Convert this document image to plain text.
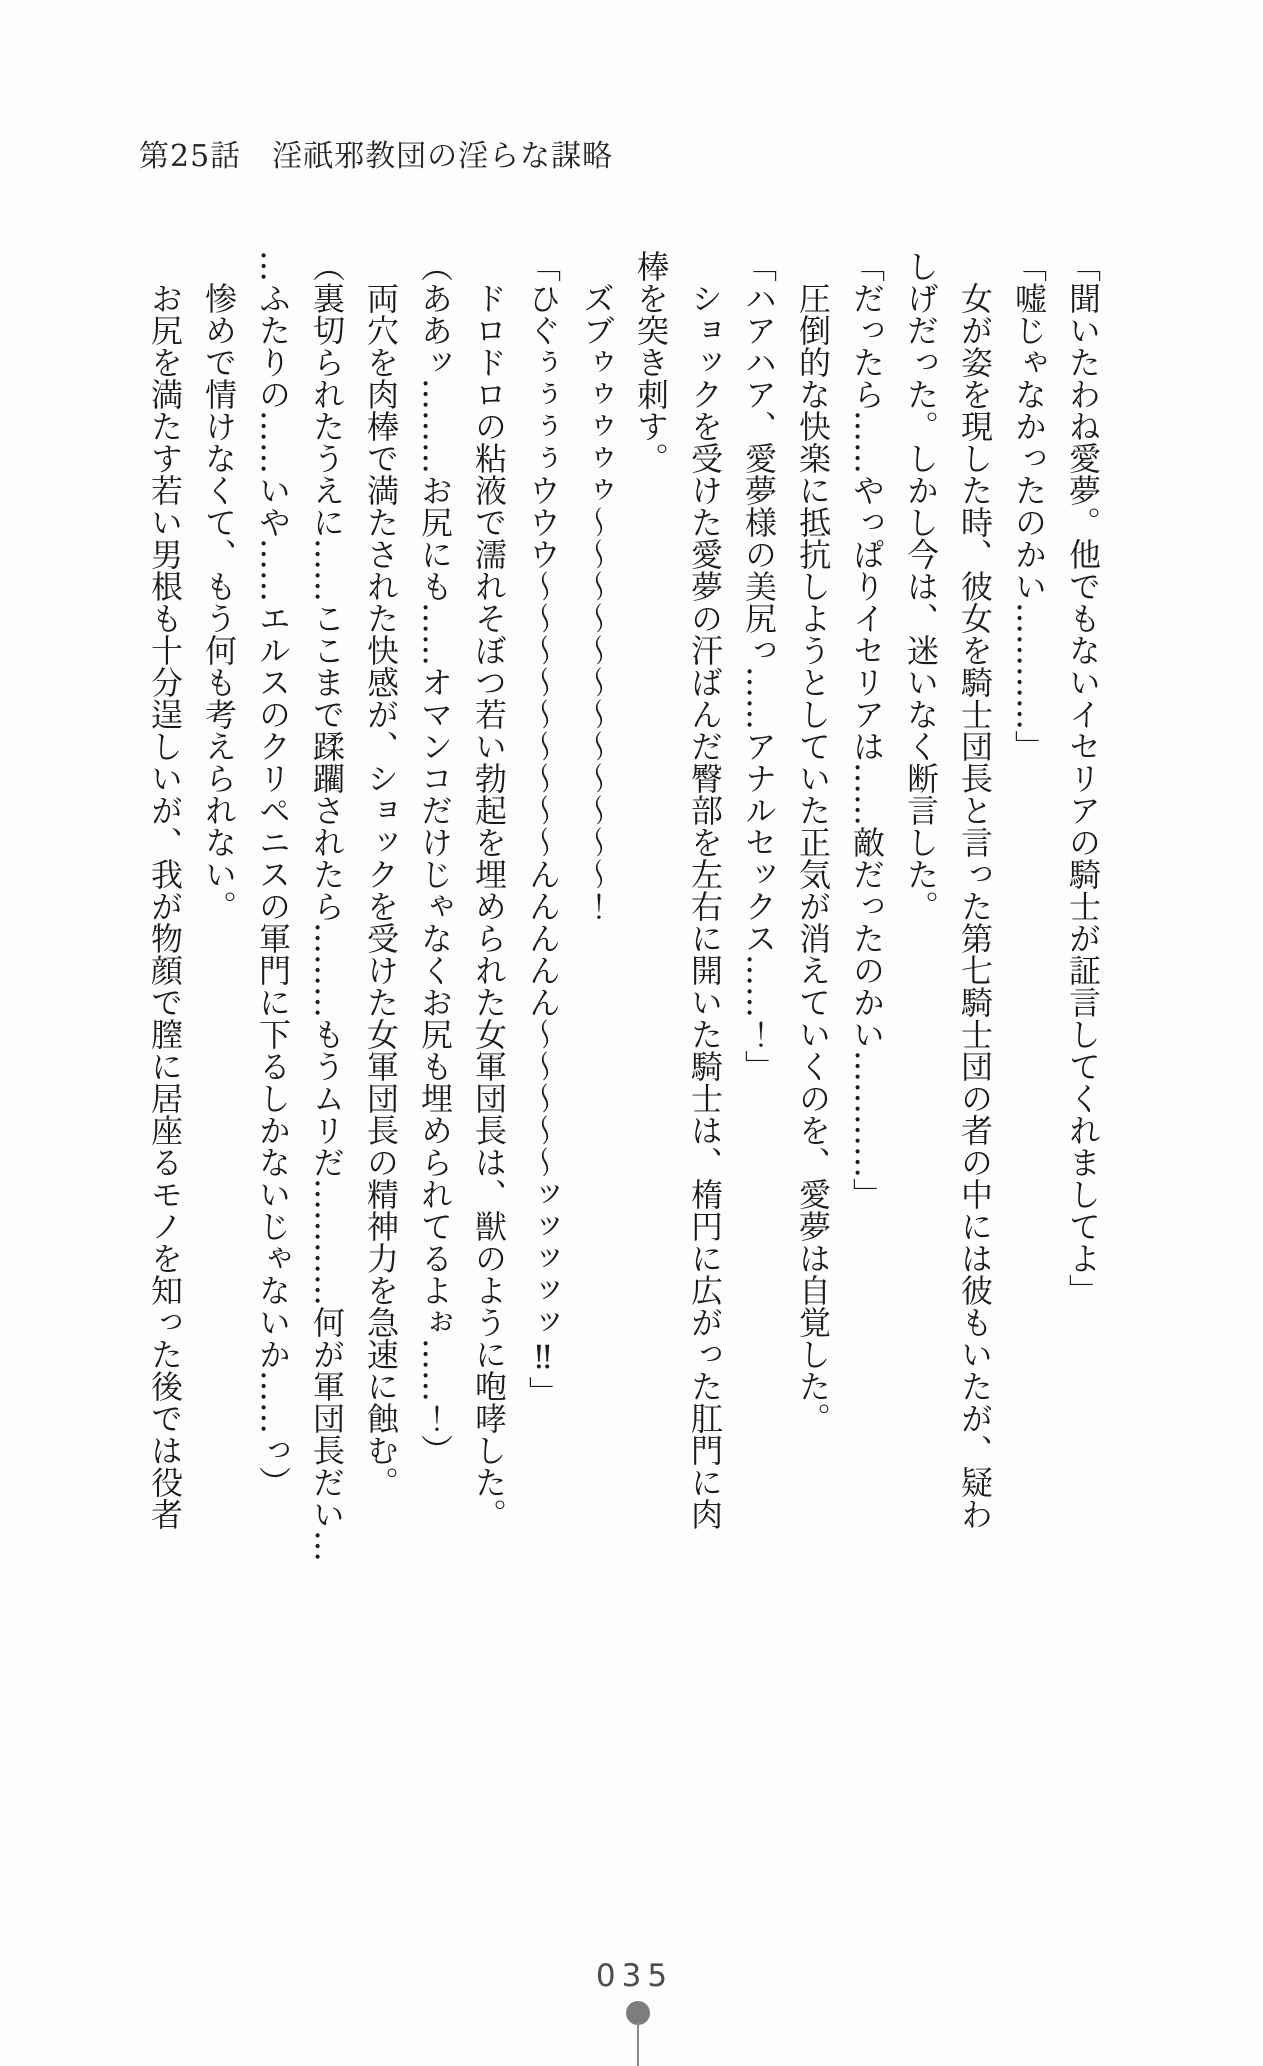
第25話　淫祇邪教団の淫らな謀略

「聞いたわね愛夢。他でもないイセリアの騎士が証言してくれましてよ」

「嘘じゃなかったのかい…………」

　女が姿を現した時、彼女を騎士団長と言った第七騎士団の者の中には彼もいたが、疑わ

しげだった。しかし今は、迷いなく断言した。

「だったら……やっぱりイセリアは……敵だったのかい…………」

　圧倒的な快楽に抵抗しようとしていた正気が消えていくのを、愛夢は自覚した。

「ハアハア、愛夢様の美尻っ……アナルセックス……！」

　ショックを受けた愛夢の汗ばんだ臀部を左右に開いた騎士は、楕円に広がった肛門に肉

棒を突き刺す。

　ズブゥゥゥゥゥ〜〜〜〜〜〜〜〜〜〜〜〜！

「ひぐぅぅぅぅウウウ〜〜〜〜〜〜〜〜〜んんんんん〜〜〜〜〜ッッッッッ‼」

　ドロドロの粘液で濡れそぼつ若い勃起を埋められた女軍団長は、獣のように咆哮した。

（ああッ………お尻にも……オマンコだけじゃなくお尻も埋められてるよぉ……！）

　両穴を肉棒で満たされた快感が、ショックを受けた女軍団長の精神力を急速に蝕む。

（裏切られたうえに……ここまで蹂躙されたら………もうムリだ…………何が軍団長だい…

…ふたりの……いや……エルスのクリペニスの軍門に下るしかないじゃないか……っ）

　惨めで情けなくて、もう何も考えられない。

　お尻を満たす若い男根も十分逞しいが、我が物顔で膣に居座るモノを知った後では役者

035
